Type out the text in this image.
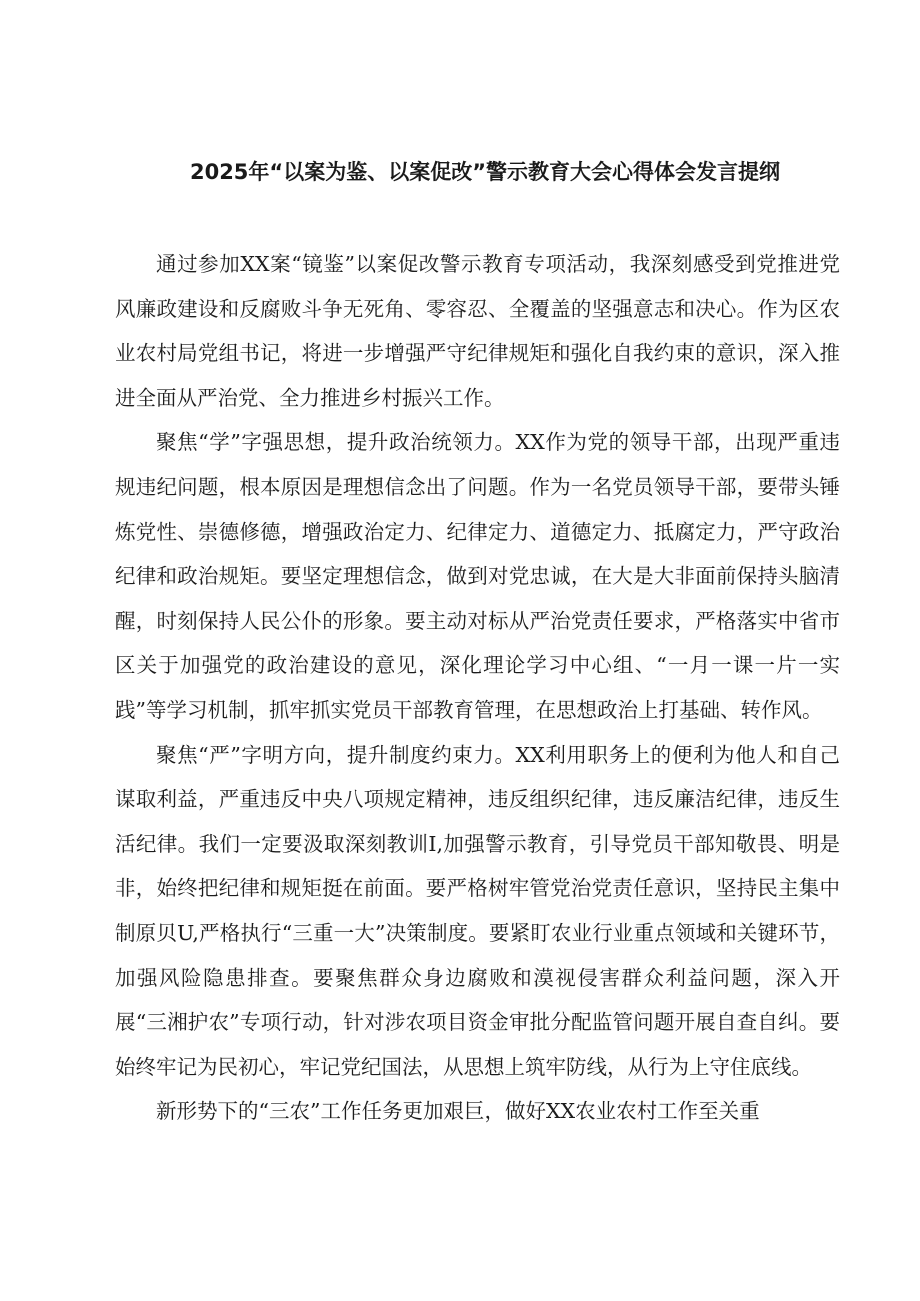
2025年“以案为鉴、以案促改”警示教育大会心得体会发言提纲

通过参加XX案“镜鉴”以案促改警示教育专项活动，我深刻感受到党推进党风廉政建设和反腐败斗争无死角、零容忍、全覆盖的坚强意志和决心。作为区农业农村局党组书记，将进一步增强严守纪律规矩和强化自我约束的意识，深入推进全面从严治党、全力推进乡村振兴工作。

聚焦“学”字强思想，提升政治统领力。XX作为党的领导干部，出现严重违规违纪问题，根本原因是理想信念出了问题。作为一名党员领导干部，要带头锤炼党性、崇德修德，增强政治定力、纪律定力、道德定力、抵腐定力，严守政治纪律和政治规矩。要坚定理想信念，做到对党忠诚，在大是大非面前保持头脑清醒，时刻保持人民公仆的形象。要主动对标从严治党责任要求，严格落实中省市区关于加强党的政治建设的意见，深化理论学习中心组、“一月一课一片一实践”等学习机制，抓牢抓实党员干部教育管理，在思想政治上打基础、转作风。

聚焦“严”字明方向，提升制度约束力。XX利用职务上的便利为他人和自己谋取利益，严重违反中央八项规定精神，违反组织纪律，违反廉洁纪律，违反生活纪律。我们一定要汲取深刻教训I,加强警示教育，引导党员干部知敬畏、明是非，始终把纪律和规矩挺在前面。要严格树牢管党治党责任意识，坚持民主集中制原贝U,严格执行“三重一大”决策制度。要紧盯农业行业重点领域和关键环节，加强风险隐患排查。要聚焦群众身边腐败和漠视侵害群众利益问题，深入开展“三湘护农”专项行动，针对涉农项目资金审批分配监管问题开展自查自纠。要始终牢记为民初心，牢记党纪国法，从思想上筑牢防线，从行为上守住底线。

新形势下的“三农”工作任务更加艰巨，做好XX农业农村工作至关重
